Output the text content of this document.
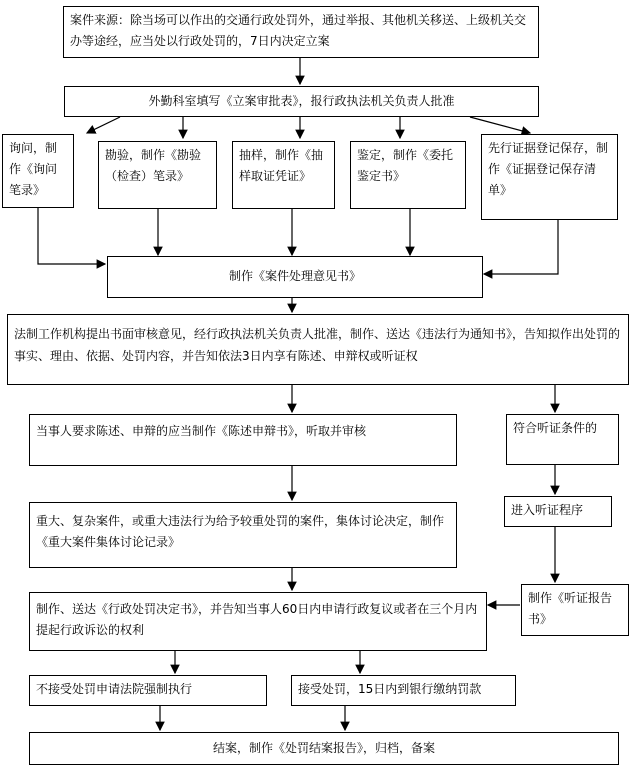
案件来源：除当场可以作出的交通行政处罚外，通过举报、其他机关移送、上级机关交办等途经，应当处以行政处罚的，7日内决定立案
外勤科室填写《立案审批表》，报行政执法机关负责人批准
询问，制作《询问笔录》
勘验，制作《勘验（检查）笔录》
抽样，制作《抽样取证凭证》
鉴定，制作《委托鉴定书》
先行证据登记保存，制作《证据登记保存清单》
制作《案件处理意见书》
法制工作机构提出书面审核意见，经行政执法机关负责人批准，制作、送达《违法行为通知书》，告知拟作出处罚的事实、理由、依据、处罚内容，并告知依法3日内享有陈述、申辩权或听证权
当事人要求陈述、申辩的应当制作《陈述申辩书》，听取并审核	符合听证条件的
进入听证程序
重大、复杂案件，或重大违法行为给予较重处罚的案件，集体讨论决定，制作《重大案件集体讨论记录》
制作《听证报告书》
制作、送达《行政处罚决定书》，并告知当事人60日内申请行政复议或者在三个月内提起行政诉讼的权利
不接受处罚申请法院强制执行	接受处罚，15日内到银行缴纳罚款
结案，制作《处罚结案报告》，归档，备案
